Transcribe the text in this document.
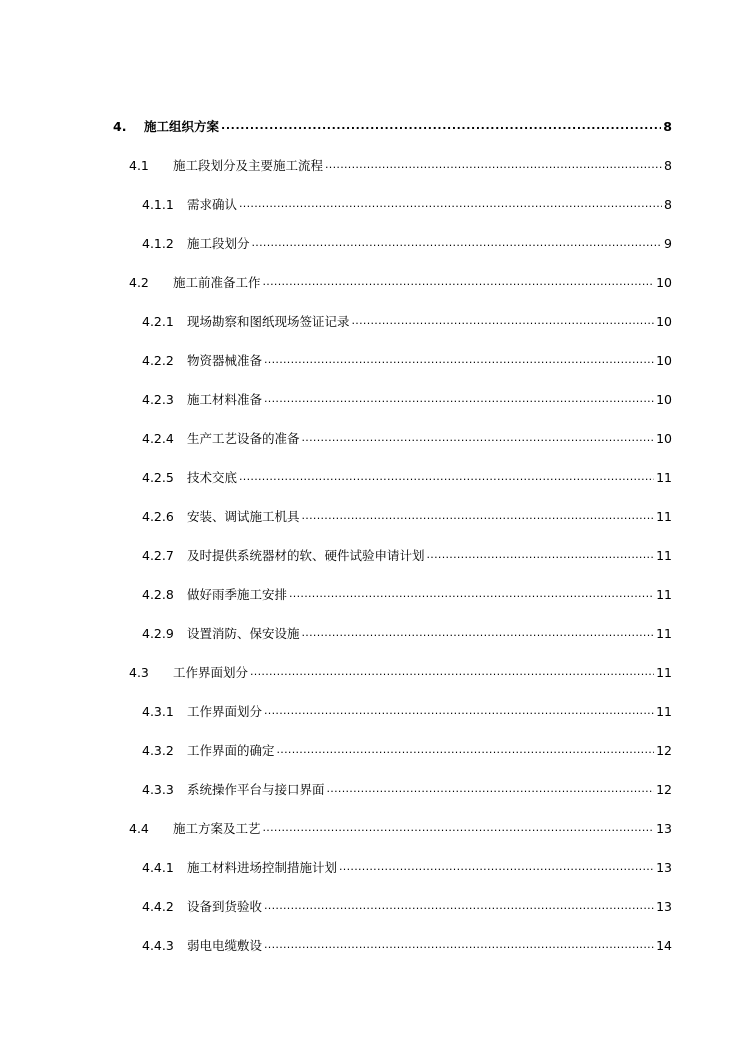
4.	施工组织方案 . . .	8
4.1	施工段划分及主要施工流程 . . .	8
4.1.1	需求确认 . . .	8
4.1.2	施工段划分 . . .	9
4.2	施工前准备工作 . . .	10
4.2.1	现场勘察和图纸现场签证记录 . . .	10
4.2.2	物资器械准备 . . .	10
4.2.3	施工材料准备 . . .	10
4.2.4	生产工艺设备的准备 . . .	10
4.2.5	技术交底 . . .	11
4.2.6	安装、调试施工机具 . . .	11
4.2.7	及时提供系统器材的软、硬件试验申请计划 . . .	11
4.2.8	做好雨季施工安排 . . .	11
4.2.9	设置消防、保安设施 . . .	11
4.3	工作界面划分 . . .	11
4.3.1	工作界面划分 . . .	11
4.3.2	工作界面的确定 . . .	12
4.3.3	系统操作平台与接口界面 . . .	12
4.4	施工方案及工艺 . . .	13
4.4.1	施工材料进场控制措施计划 . . .	13
4.4.2	设备到货验收 . . .	13
4.4.3	弱电电缆敷设 . . .	14
